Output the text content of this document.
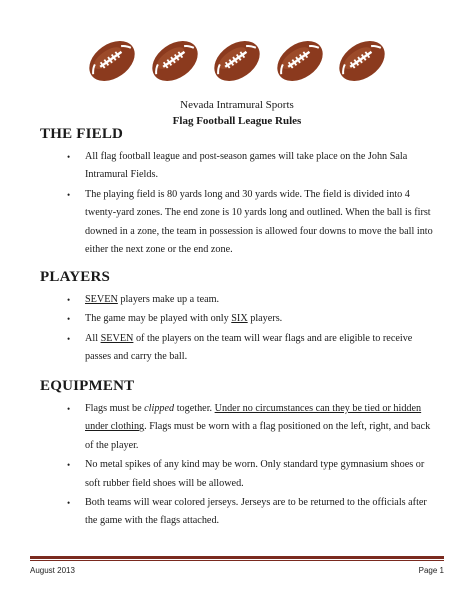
Nevada Intramural Sports
Flag Football League Rules
THE FIELD
• All flag football league and post-season games will take place on the John Sala Intramural Fields.
• The playing field is 80 yards long and 30 yards wide. The field is divided into 4 twenty-yard zones. The end zone is 10 yards long and outlined. When the ball is first downed in a zone, the team in possession is allowed four downs to move the ball into either the next zone or the end zone.
PLAYERS
• SEVEN players make up a team.
• The game may be played with only SIX players.
• All SEVEN of the players on the team will wear flags and are eligible to receive passes and carry the ball.
EQUIPMENT
• Flags must be clipped together. Under no circumstances can they be tied or hidden under clothing. Flags must be worn with a flag positioned on the left, right, and back of the player.
• No metal spikes of any kind may be worn. Only standard type gymnasium shoes or soft rubber field shoes will be allowed.
• Both teams will wear colored jerseys. Jerseys are to be returned to the officials after the game with the flags attached.
August 2013	Page 1
